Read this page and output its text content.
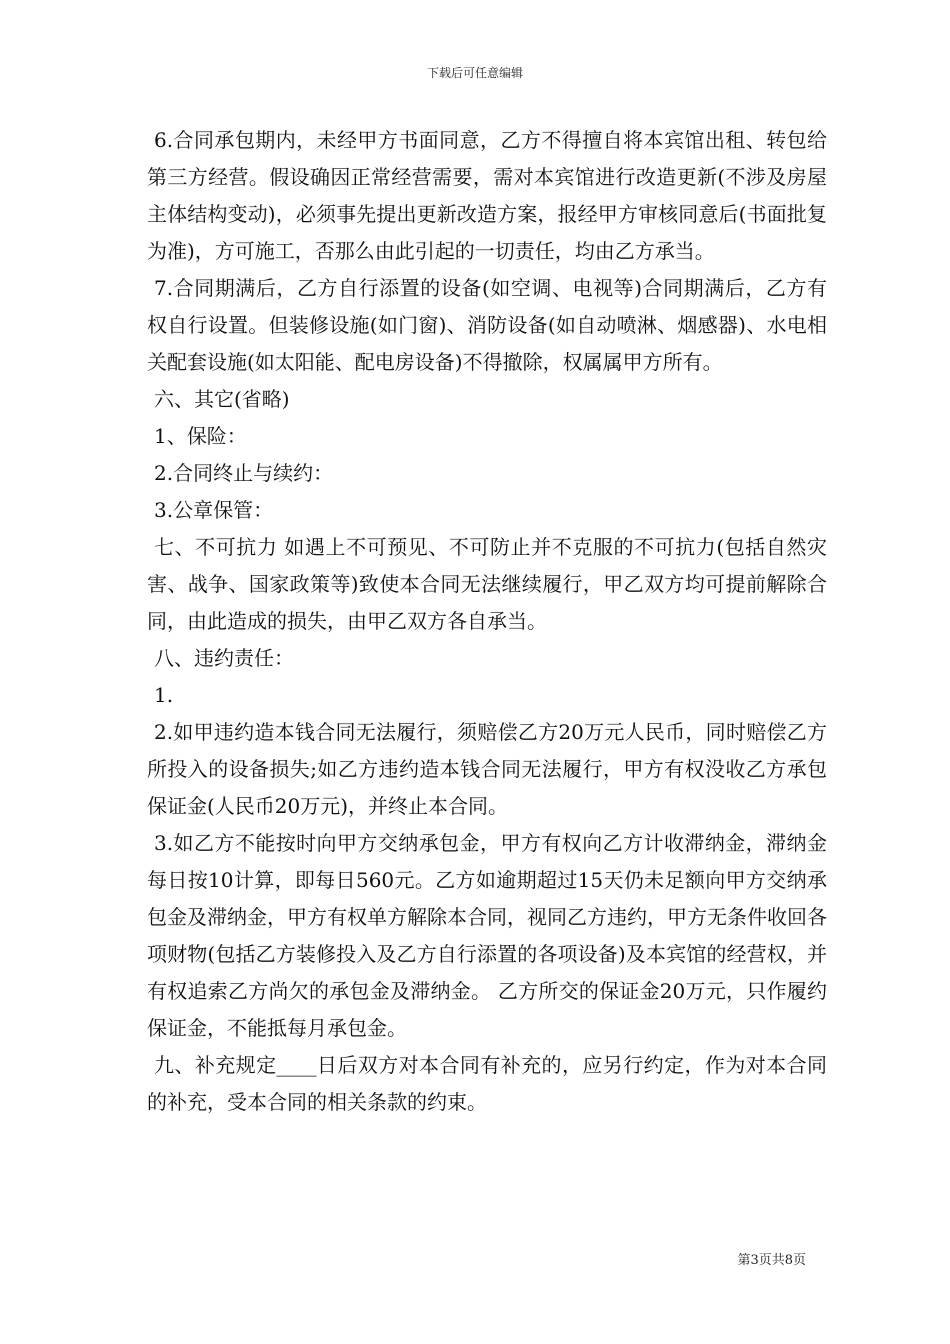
下载后可任意编辑

6.合同承包期内，未经甲方书面同意，乙方不得擅自将本宾馆出租、转包给第三方经营。假设确因正常经营需要，需对本宾馆进行改造更新(不涉及房屋主体结构变动)，必须事先提出更新改造方案，报经甲方审核同意后(书面批复为准)，方可施工，否那么由此引起的一切责任，均由乙方承当。

7.合同期满后，乙方自行添置的设备(如空调、电视等)合同期满后，乙方有权自行设置。但装修设施(如门窗)、消防设备(如自动喷淋、烟感器)、水电相关配套设施(如太阳能、配电房设备)不得撤除，权属属甲方所有。

六、其它(省略)

1、保险：

2.合同终止与续约：

3.公章保管：

七、不可抗力 如遇上不可预见、不可防止并不克服的不可抗力(包括自然灾害、战争、国家政策等)致使本合同无法继续履行，甲乙双方均可提前解除合同，由此造成的损失，由甲乙双方各自承当。

八、违约责任：

1.

2.如甲违约造本钱合同无法履行，须赔偿乙方20万元人民币，同时赔偿乙方所投入的设备损失;如乙方违约造本钱合同无法履行，甲方有权没收乙方承包保证金(人民币20万元)，并终止本合同。

3.如乙方不能按时向甲方交纳承包金，甲方有权向乙方计收滞纳金，滞纳金每日按10计算，即每日560元。乙方如逾期超过15天仍未足额向甲方交纳承包金及滞纳金，甲方有权单方解除本合同，视同乙方违约，甲方无条件收回各项财物(包括乙方装修投入及乙方自行添置的各项设备)及本宾馆的经营权，并有权追索乙方尚欠的承包金及滞纳金。 乙方所交的保证金20万元，只作履约保证金，不能抵每月承包金。

九、补充规定____日后双方对本合同有补充的，应另行约定，作为对本合同的补充，受本合同的相关条款的约束。

第3页共8页
